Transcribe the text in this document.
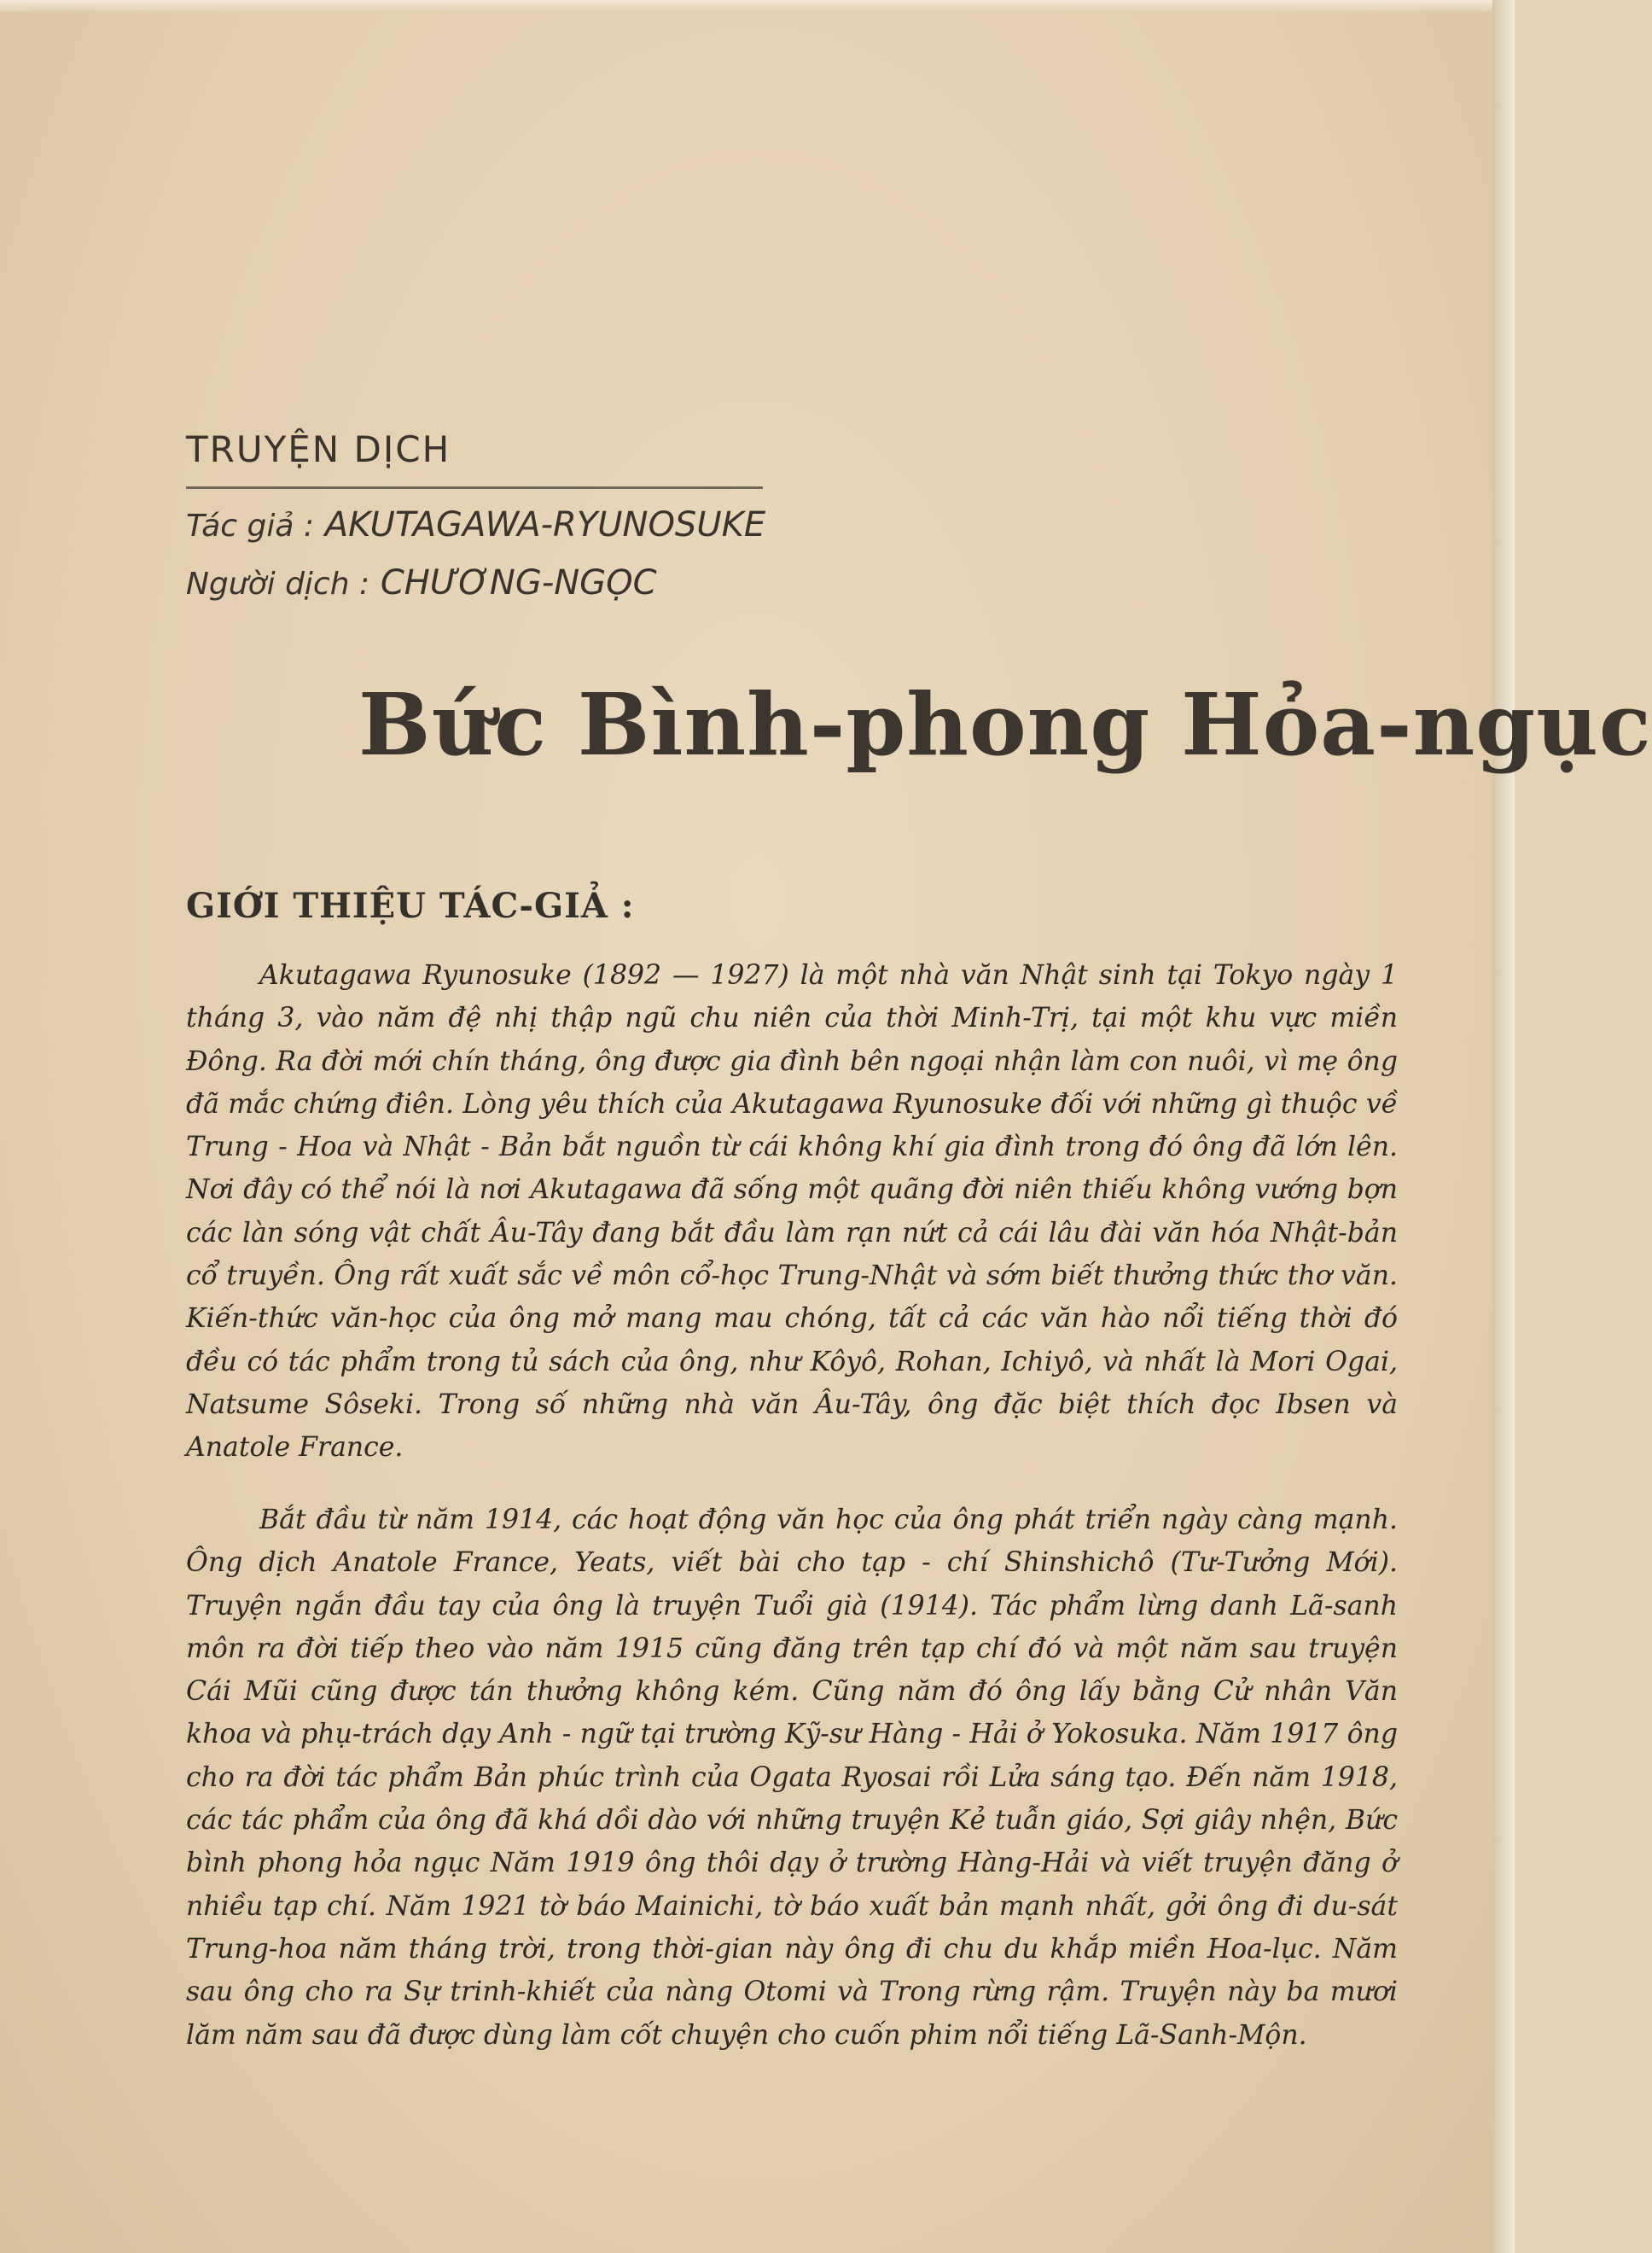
TRUYỆN DỊCH
Tác giả : AKUTAGAWA-RYUNOSUKE
Người dịch : CHƯƠNG-NGỌC
Bức Bình-phong Hỏa-ngục
GIỚI THIỆU TÁC-GIẢ :
Akutagawa Ryunosuke (1892 — 1927) là một nhà văn Nhật sinh tại Tokyo ngày 1 tháng 3, vào năm đệ nhị thập ngũ chu niên của thời Minh-Trị, tại một khu vực miền Đông. Ra đời mới chín tháng, ông được gia đình bên ngoại nhận làm con nuôi, vì mẹ ông đã mắc chứng điên. Lòng yêu thích của Akutagawa Ryunosuke đối với những gì thuộc về Trung - Hoa và Nhật - Bản bắt nguồn từ cái không khí gia đình trong đó ông đã lớn lên. Nơi đây có thể nói là nơi Akutagawa đã sống một quãng đời niên thiếu không vướng bợn các làn sóng vật chất Âu-Tây đang bắt đầu làm rạn nứt cả cái lâu đài văn hóa Nhật-bản cổ truyền. Ông rất xuất sắc về môn cổ-học Trung-Nhật và sớm biết thưởng thức thơ văn. Kiến-thức văn-học của ông mở mang mau chóng, tất cả các văn hào nổi tiếng thời đó đều có tác phẩm trong tủ sách của ông, như Kôyô, Rohan, Ichiyô, và nhất là Mori Ogai, Natsume Sôseki. Trong số những nhà văn Âu-Tây, ông đặc biệt thích đọc Ibsen và Anatole France.
Bắt đầu từ năm 1914, các hoạt động văn học của ông phát triển ngày càng mạnh. Ông dịch Anatole France, Yeats, viết bài cho tạp - chí Shinshichô (Tư-Tưởng Mới). Truyện ngắn đầu tay của ông là truyện Tuổi già (1914). Tác phẩm lừng danh Lã-sanh môn ra đời tiếp theo vào năm 1915 cũng đăng trên tạp chí đó và một năm sau truyện Cái Mũi cũng được tán thưởng không kém. Cũng năm đó ông lấy bằng Cử nhân Văn khoa và phụ-trách dạy Anh - ngữ tại trường Kỹ-sư Hàng - Hải ở Yokosuka. Năm 1917 ông cho ra đời tác phẩm Bản phúc trình của Ogata Ryosai rồi Lửa sáng tạo. Đến năm 1918, các tác phẩm của ông đã khá dồi dào với những truyện Kẻ tuẫn giáo, Sợi giây nhện, Bức bình phong hỏa ngục Năm 1919 ông thôi dạy ở trường Hàng-Hải và viết truyện đăng ở nhiều tạp chí. Năm 1921 tờ báo Mainichi, tờ báo xuất bản mạnh nhất, gởi ông đi du-sát Trung-hoa năm tháng trời, trong thời-gian này ông đi chu du khắp miền Hoa-lục. Năm sau ông cho ra Sự trinh-khiết của nàng Otomi và Trong rừng rậm. Truyện này ba mươi lăm năm sau đã được dùng làm cốt chuyện cho cuốn phim nổi tiếng Lã-Sanh-Mộn.
